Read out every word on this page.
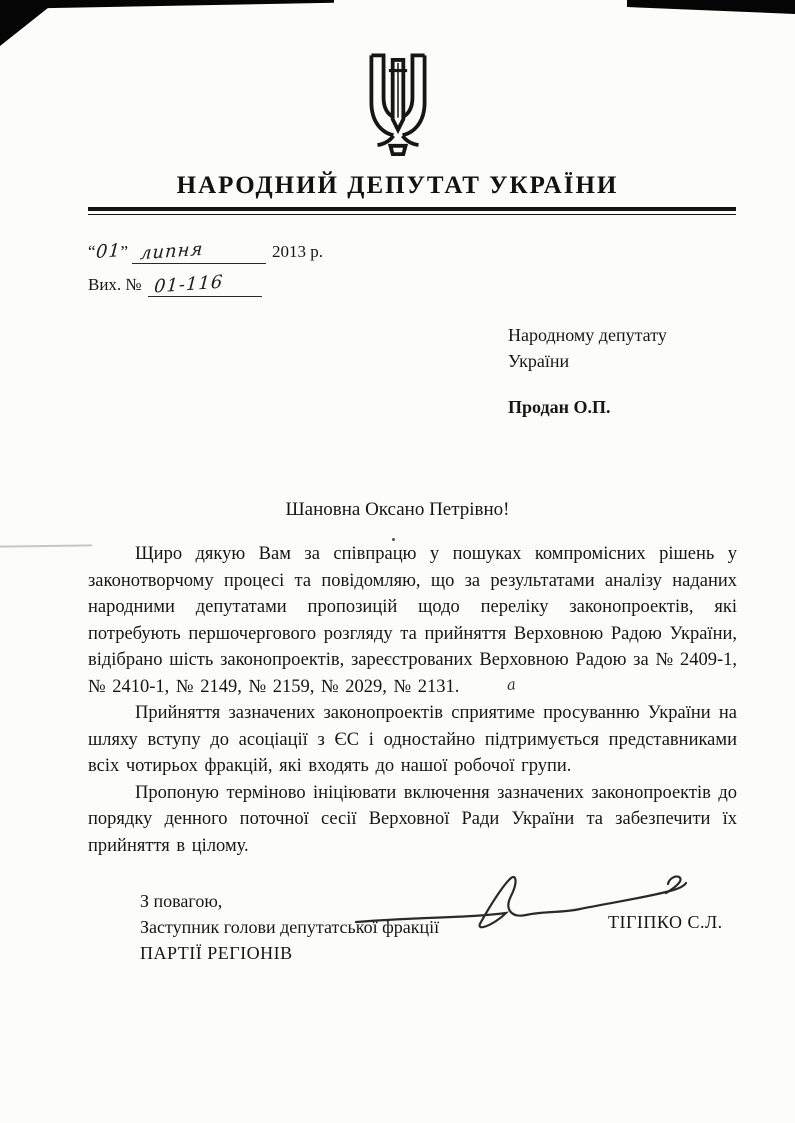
НАРОДНИЙ ДЕПУТАТ УКРАЇНИ
“01” липня	2013 р.
Вих. № 01-116
Народному депутату
України
Продан О.П.

Шановна Оксано Петрівно!

Щиро дякую Вам за співпрацю у пошуках компромісних рішень у законотворчому процесі та повідомляю, що за результатами аналізу наданих народними депутатами пропозицій щодо переліку законопроектів, які потребують першочергового розгляду та прийняття Верховною Радою України, відібрано шість законопроектів, зареєстрованих Верховною Радою за № 2409-1, № 2410-1, № 2149, № 2159, № 2029, № 2131.	а

Прийняття зазначених законопроектів сприятиме просуванню України на шляху вступу до асоціації з ЄС і одностайно підтримується представниками всіх чотирьох фракцій, які входять до нашої робочої групи.

Пропоную терміново ініціювати включення зазначених законопроектів до порядку денного поточної сесії Верховної Ради України та забезпечити їх прийняття в цілому.

З повагою,
Заступник голови депутатської фракції
ПАРТІЇ РЕГІОНІВ
ТІГІПКО С.Л.
